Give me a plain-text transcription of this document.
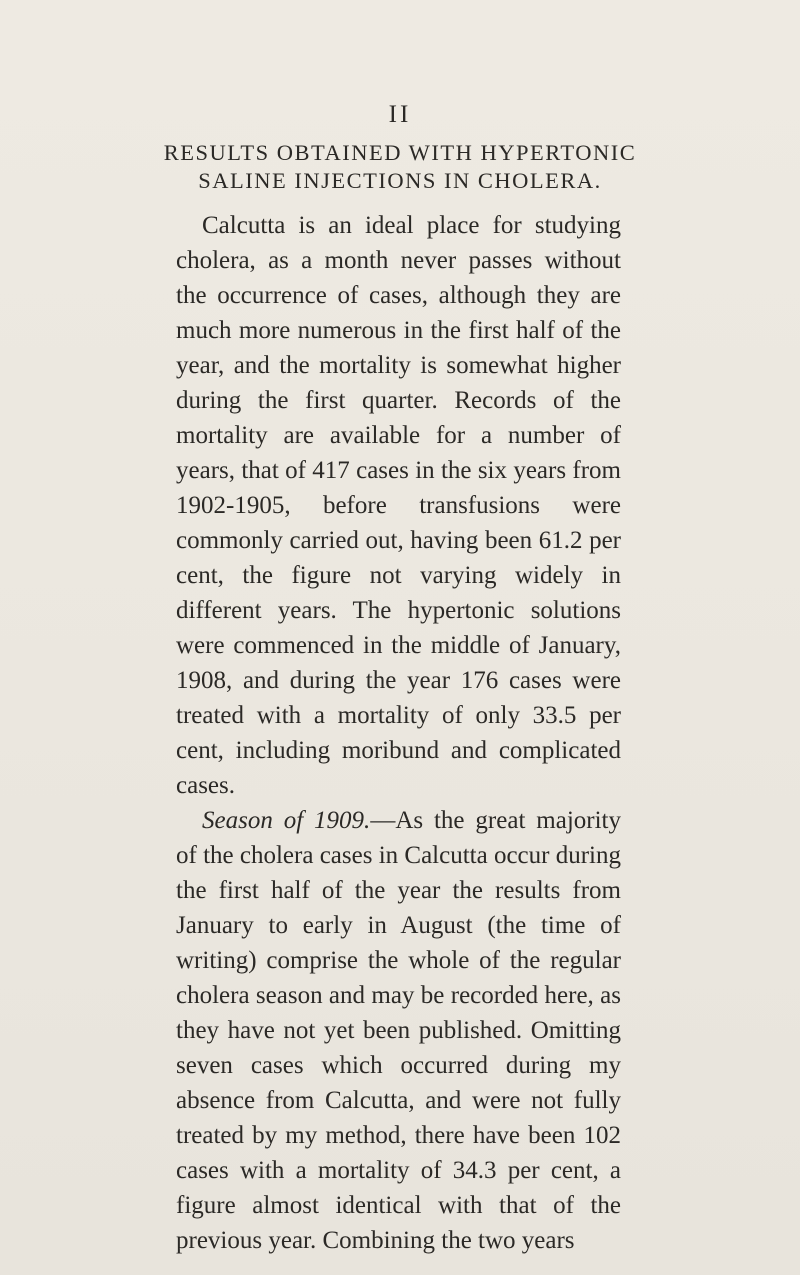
II
RESULTS OBTAINED WITH HYPERTONIC
SALINE INJECTIONS IN CHOLERA.

Calcutta is an ideal place for studying cholera, as a month never passes without the occurrence of cases, although they are much more numerous in the first half of the year, and the mortality is somewhat higher during the first quarter. Records of the mortality are available for a number of years, that of 417 cases in the six years from 1902-1905, before transfusions were commonly carried out, having been 61.2 per cent, the figure not varying widely in different years. The hypertonic solutions were commenced in the middle of January, 1908, and during the year 176 cases were treated with a mortality of only 33.5 per cent, including moribund and complicated cases.

Season of 1909.—As the great majority of the cholera cases in Calcutta occur during the first half of the year the results from January to early in August (the time of writing) comprise the whole of the regular cholera season and may be recorded here, as they have not yet been published. Omitting seven cases which occurred during my absence from Calcutta, and were not fully treated by my method, there have been 102 cases with a mortality of 34.3 per cent, a figure almost identical with that of the previous year. Combining the two years
